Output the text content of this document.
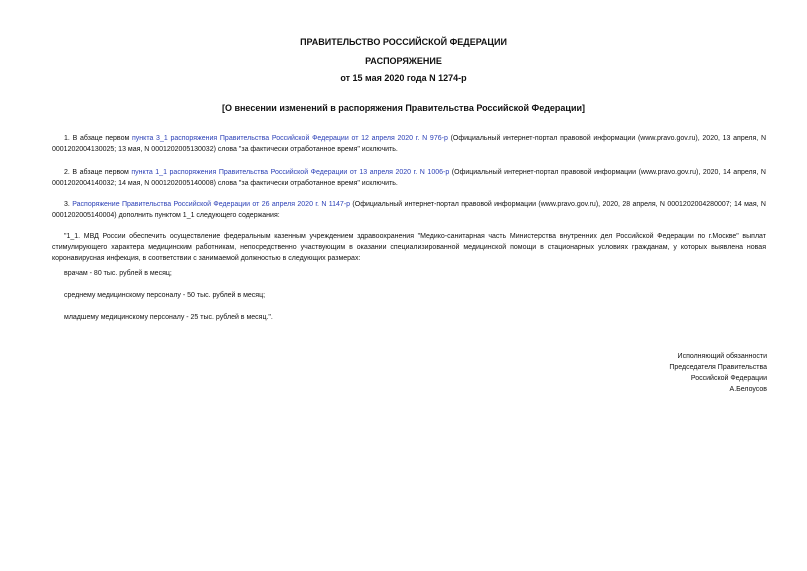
ПРАВИТЕЛЬСТВО РОССИЙСКОЙ ФЕДЕРАЦИИ
РАСПОРЯЖЕНИЕ
от 15 мая 2020 года N 1274-р
[О внесении изменений в распоряжения Правительства Российской Федерации]
1. В абзаце первом пункта 3_1 распоряжения Правительства Российской Федерации от 12 апреля 2020 г. N 976-р (Официальный интернет-портал правовой информации (www.pravo.gov.ru), 2020, 13 апреля, N 0001202004130025; 13 мая, N 0001202005130032) слова "за фактически отработанное время" исключить.
2. В абзаце первом пункта 1_1 распоряжения Правительства Российской Федерации от 13 апреля 2020 г. N 1006-р (Официальный интернет-портал правовой информации (www.pravo.gov.ru), 2020, 14 апреля, N 0001202004140032; 14 мая, N 0001202005140008) слова "за фактически отработанное время" исключить.
3. Распоряжение Правительства Российской Федерации от 26 апреля 2020 г. N 1147-р (Официальный интернет-портал правовой информации (www.pravo.gov.ru), 2020, 28 апреля, N 0001202004280007; 14 мая, N 0001202005140004) дополнить пунктом 1_1 следующего содержания:
"1_1. МВД России обеспечить осуществление федеральным казенным учреждением здравоохранения "Медико-санитарная часть Министерства внутренних дел Российской Федерации по г.Москве" выплат стимулирующего характера медицинским работникам, непосредственно участвующим в оказании специализированной медицинской помощи в стационарных условиях гражданам, у которых выявлена новая коронавирусная инфекция, в соответствии с занимаемой должностью в следующих размерах:
врачам - 80 тыс. рублей в месяц;
среднему медицинскому персоналу - 50 тыс. рублей в месяц;
младшему медицинскому персоналу - 25 тыс. рублей в месяц.".
Исполняющий обязанности
Председателя Правительства
Российской Федерации
А.Белоусов
